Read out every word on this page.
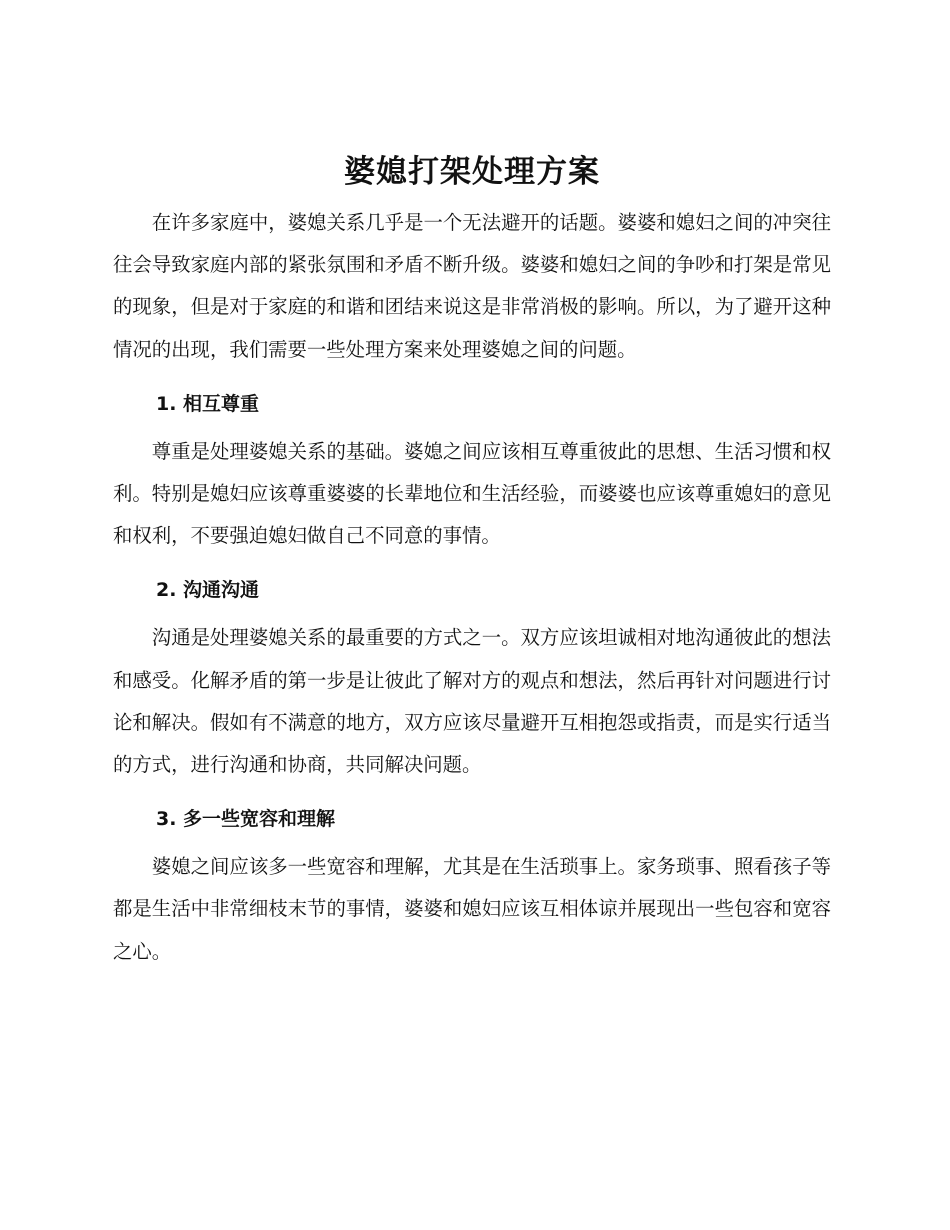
婆媳打架处理方案

在许多家庭中，婆媳关系几乎是一个无法避开的话题。婆婆和媳妇之间的冲突往往会导致家庭内部的紧张氛围和矛盾不断升级。婆婆和媳妇之间的争吵和打架是常见的现象，但是对于家庭的和谐和团结来说这是非常消极的影响。所以，为了避开这种情况的出现，我们需要一些处理方案来处理婆媳之间的问题。

1. 相互尊重

尊重是处理婆媳关系的基础。婆媳之间应该相互尊重彼此的思想、生活习惯和权利。特别是媳妇应该尊重婆婆的长辈地位和生活经验，而婆婆也应该尊重媳妇的意见和权利，不要强迫媳妇做自己不同意的事情。

2. 沟通沟通

沟通是处理婆媳关系的最重要的方式之一。双方应该坦诚相对地沟通彼此的想法和感受。化解矛盾的第一步是让彼此了解对方的观点和想法，然后再针对问题进行讨论和解决。假如有不满意的地方，双方应该尽量避开互相抱怨或指责，而是实行适当的方式，进行沟通和协商，共同解决问题。

3. 多一些宽容和理解

婆媳之间应该多一些宽容和理解，尤其是在生活琐事上。家务琐事、照看孩子等都是生活中非常细枝末节的事情，婆婆和媳妇应该互相体谅并展现出一些包容和宽容之心。
